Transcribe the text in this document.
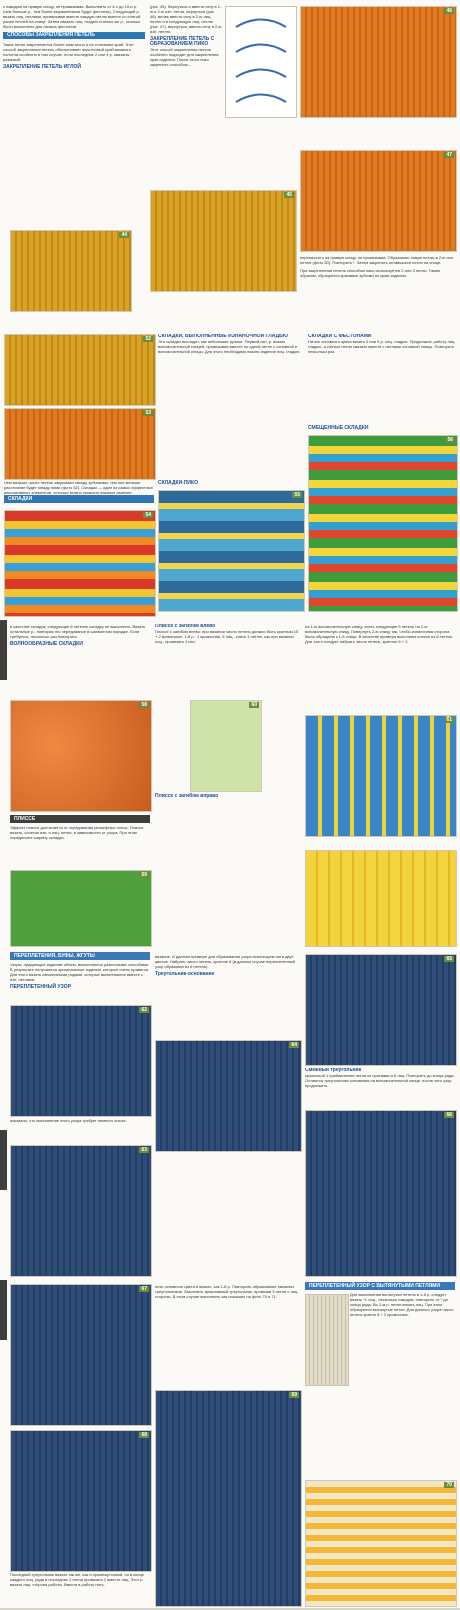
с накидом на правую спицу, не провязывая. Выполнить от 4-х до 10-и р. (чем больше р., тем более выраженными будут фестоны). Следующий р. вязать лиц. петлями, провязывая вместе каждую петлю вместе со снятой ранее петлей на спице. Затем связать лиц. гладью столько же р., сколько было выполнено для начала фестонов.

СПОСОБЫ ЗАКРЕПЛЕНИЯ ПЕТЕЛЬ

Такие петли закрепляются более эластично и не стягивают край. Этот способ закрепления петель обеспечивает эластичный край вязаного полотна особенно в том случае, если последние 2 или 4 р. связаны резинкой.

ЗАКРЕПЛЕНИЕ ПЕТЕЛЬ ИГЛОЙ
44

(рис. 45). Вернуться и ввести иглу в 1-ю и 2-ю изн. петли, вернуться (рис. 46), вновь ввести иглу в 2-ю лиц. петлю и в следующую лиц. петлю (рис. 47), вернуться, ввести иглу в 2-ю изн. петлю.

ЗАКРЕПЛЕНИЕ ПЕТЕЛЬ С ОБРАЗОВАНИЕМ ПИКО

Этот способ закрепления петель особенно подходит для закрепления края изделия. После этого пико закрепить способом...

45
46
47

переместить на правую спицу, не провязывая. Образовать новую петлю в 2-ю изн. петлю (фото 50). Повторить *. Затем закрепить оставшиеся петли на спице.

При закреплении петель способом пико используется 2 или 3 петли. Таким образом, образуются красивые зубчики по краю изделия.

52
53
СКЛАДКИ

Чем меньше число петель закрывают между зубчиками, тем они меньше расстояние будет между ними (фото 52). Складки — один из самых эффектных декоративных элементов, которые можно украсить вязаное изделие.

54
СКЛАДКИ, ВЫПОЛНЕННЫЕ ИЗНАНОЧНОЙ ГЛАДЬЮ

Эти складки выглядят, как небольшие рулики. Первый изн. р. вязать вспомогательной спицей, провязывая вместе по одной петле с основной и вспомогательной спицы. Для этого необходимо вязать изделие лиц. гладью.

СКЛАДКИ-ПИКО
55
СКЛАДКИ С ФЕСТОНАМИ

Нитью основного цвета вязать 3 или 5 р. лиц. гладью. Продолжить работу лиц. гладью, а снятые петли связать вместе с петлями основной спицы. Повторить несколько раз.

СМЕЩЕННЫЕ СКЛАДКИ
56

в качестве складок, следующие 6 петелек складку не выполнять. Вязать остальные р., повторяя это чередование в шахматном порядке. Если требуется, несколько раз повторить.

ВОЛНООБРАЗНЫЕ СКЛАДКИ
58
ПЛИССЕ

Эффект плиссе достигается от чередования рельефных полос. Плиссе вязать, сочетая изн. и лиц. петли, в зависимости от узора. При этом определяют ширину складки.

59
Плиссе с загибом влево

Плиссе с загибом влево: при вязании число петель должно быть кратным 15 + 2 кромочные. 1-й р.: 1 кромочная, 5 лиц., снять 1 петлю, как при вязании лиц., провязать 4 изн.

Плиссе с загибом вправо
60

на 1-ю вспомогательную спицу, снять следующие 5 петель на 2-ю вспомогательную спицу. Повернуть 2-ю спицу так, чтобы изнаночная сторона была обращена к 1-й спице. В качестве примера выполним плиссе из 8 петель. Для этого следует набрать число петель, кратное 8 + 2.

61
ПЕРЕПЛЕТЕНИЯ, БУФЫ, ЖГУТЫ

Узоры, придающие изделию объем, выполняются различными способами. В результате получаются оригинальные изделия, которые очень нравятся. Для этого вязать изнаночными рядами, которые выполняются вместе с изн. петлями.

ПЕРЕПЛЕТЕННЫЙ УЗОР
62

показано, что выполнение этого узора требует немного опыта.

63

вязание. В данном примере для образования узора используем нити двух цветов. Набрать число петель, кратное 6 (в данном случае переплетенный узор образован из 6 петель).

Треугольник-основание
64
65
Смежный треугольник

кромочной 1 прибавлению петли из протяжки и 6 лиц. Повторить до конца ряда. Остаются треугольники основания на вспомогательной спице, после чего узор продолжить.

66
67
68

Последний треугольник вязать так же, как и промежуточный, но в конце каждого лиц. ряда в последних 2 петли провязать 2 вместе лиц. Этот р. вязать лиц. сторона работы. Ввести в работу нить.

нить основного цвета и вязать, как 1-й р. Повторить образование смежных треугольников. Закончить трикотажный треугольник, провязав 3 петли с лиц. стороны. В этом случае выполнить как показано на фото 70 и 71.

69
ПЕРЕПЛЕТЕННЫЙ УЗОР С ВЫТЯНУТЫМИ ПЕТЛЯМИ

Для выполнения вытянутых петель в 1-й р. следует вязать *1 лиц., несколько накидов, повторить от * до конца ряда. Во 2-м р. петли вязать лиц. При этом образуются вытянутые петли. Для данного узора число петель кратно 8 + 2 кромочные.

70
